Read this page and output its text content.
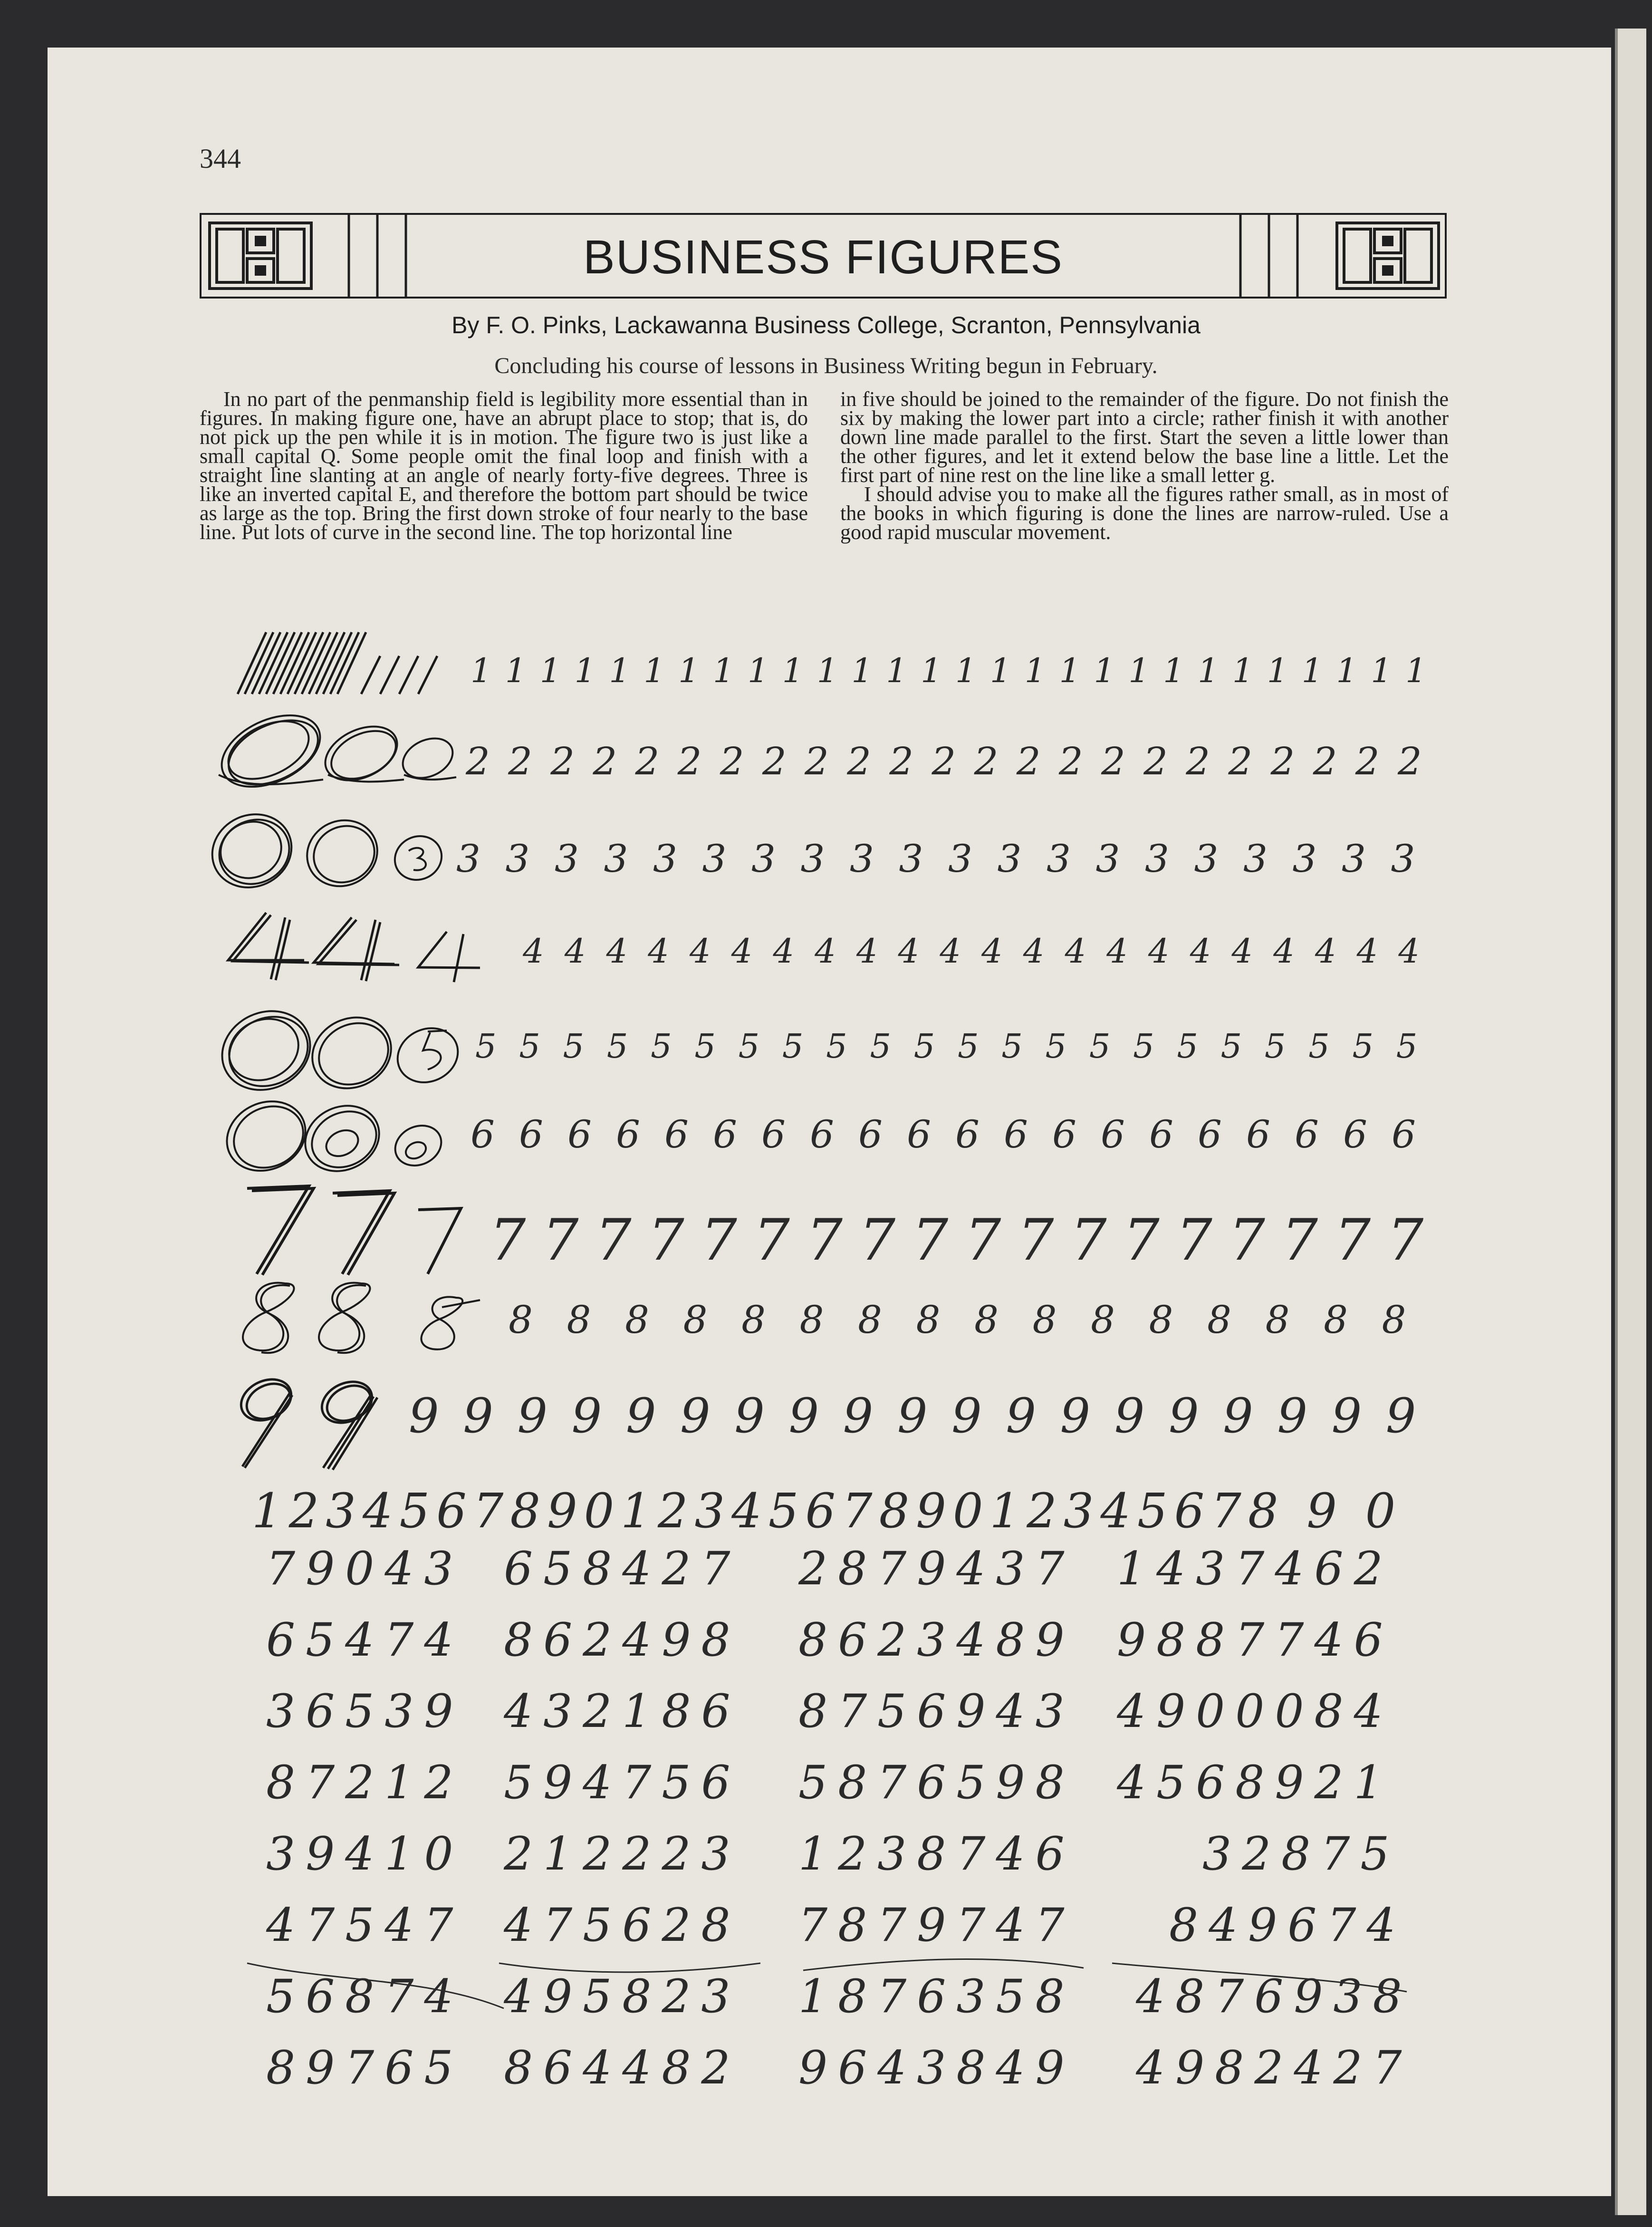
344
BUSINESS FIGURES
By F. O. Pinks, Lackawanna Business College, Scranton, Pennsylvania
Concluding his course of lessons in Business Writing begun in February.

In no part of the penmanship field is legibility more essential than in figures. In making figure one, have an abrupt place to stop; that is, do not pick up the pen while it is in motion. The figure two is just like a small capital Q. Some people omit the final loop and finish with a straight line slanting at an angle of nearly forty-five degrees. Three is like an inverted capital E, and therefore the bottom part should be twice as large as the top. Bring the first down stroke of four nearly to the base line. Put lots of curve in the second line. The top horizontal line

in five should be joined to the remainder of the figure. Do not finish the six by making the lower part into a circle; rather finish it with another down line made parallel to the first. Start the seven a little lower than the other figures, and let it extend below the base line a little. Let the first part of nine rest on the line like a small letter g.

I should advise you to make all the figures rather small, as in most of the books in which figuring is done the lines are narrow-ruled. Use a good rapid muscular movement.

1 1 1 1 1 1 1 1 1 1 1 1 1 1 1 1 1 1 1 1 1 1 1 1 1 1 1 1
2 2 2 2 2 2 2 2 2 2 2 2 2 2 2 2 2 2 2 2 2 2 2
3 3 3 3 3 3 3 3 3 3 3 3 3 3 3 3 3 3 3 3
4 4 4 4 4 4 4 4 4 4 4 4 4 4 4 4 4 4 4 4 4 4
5 5 5 5 5 5 5 5 5 5 5 5 5 5 5 5 5 5 5 5 5 5
6 6 6 6 6 6 6 6 6 6 6 6 6 6 6 6 6 6 6 6
7 7 7 7 7 7 7 7 7 7 7 7 7 7 7 7 7 7
8 8 8 8 8 8 8 8 8 8 8 8 8 8 8 8
9 9 9 9 9 9 9 9 9 9 9 9 9 9 9 9 9 9 9
1234567890123456789012345678 9 0
79043
65474
36539
87212
39410
47547
56874
89765
658427
862498
432186
594756
212223
475628
495823
864482
2879437
8623489
8756943
5876598
1238746
7879747
1876358
9643849
1437462
9887746
4900084
4568921
32875
849674
4876938
4982427
